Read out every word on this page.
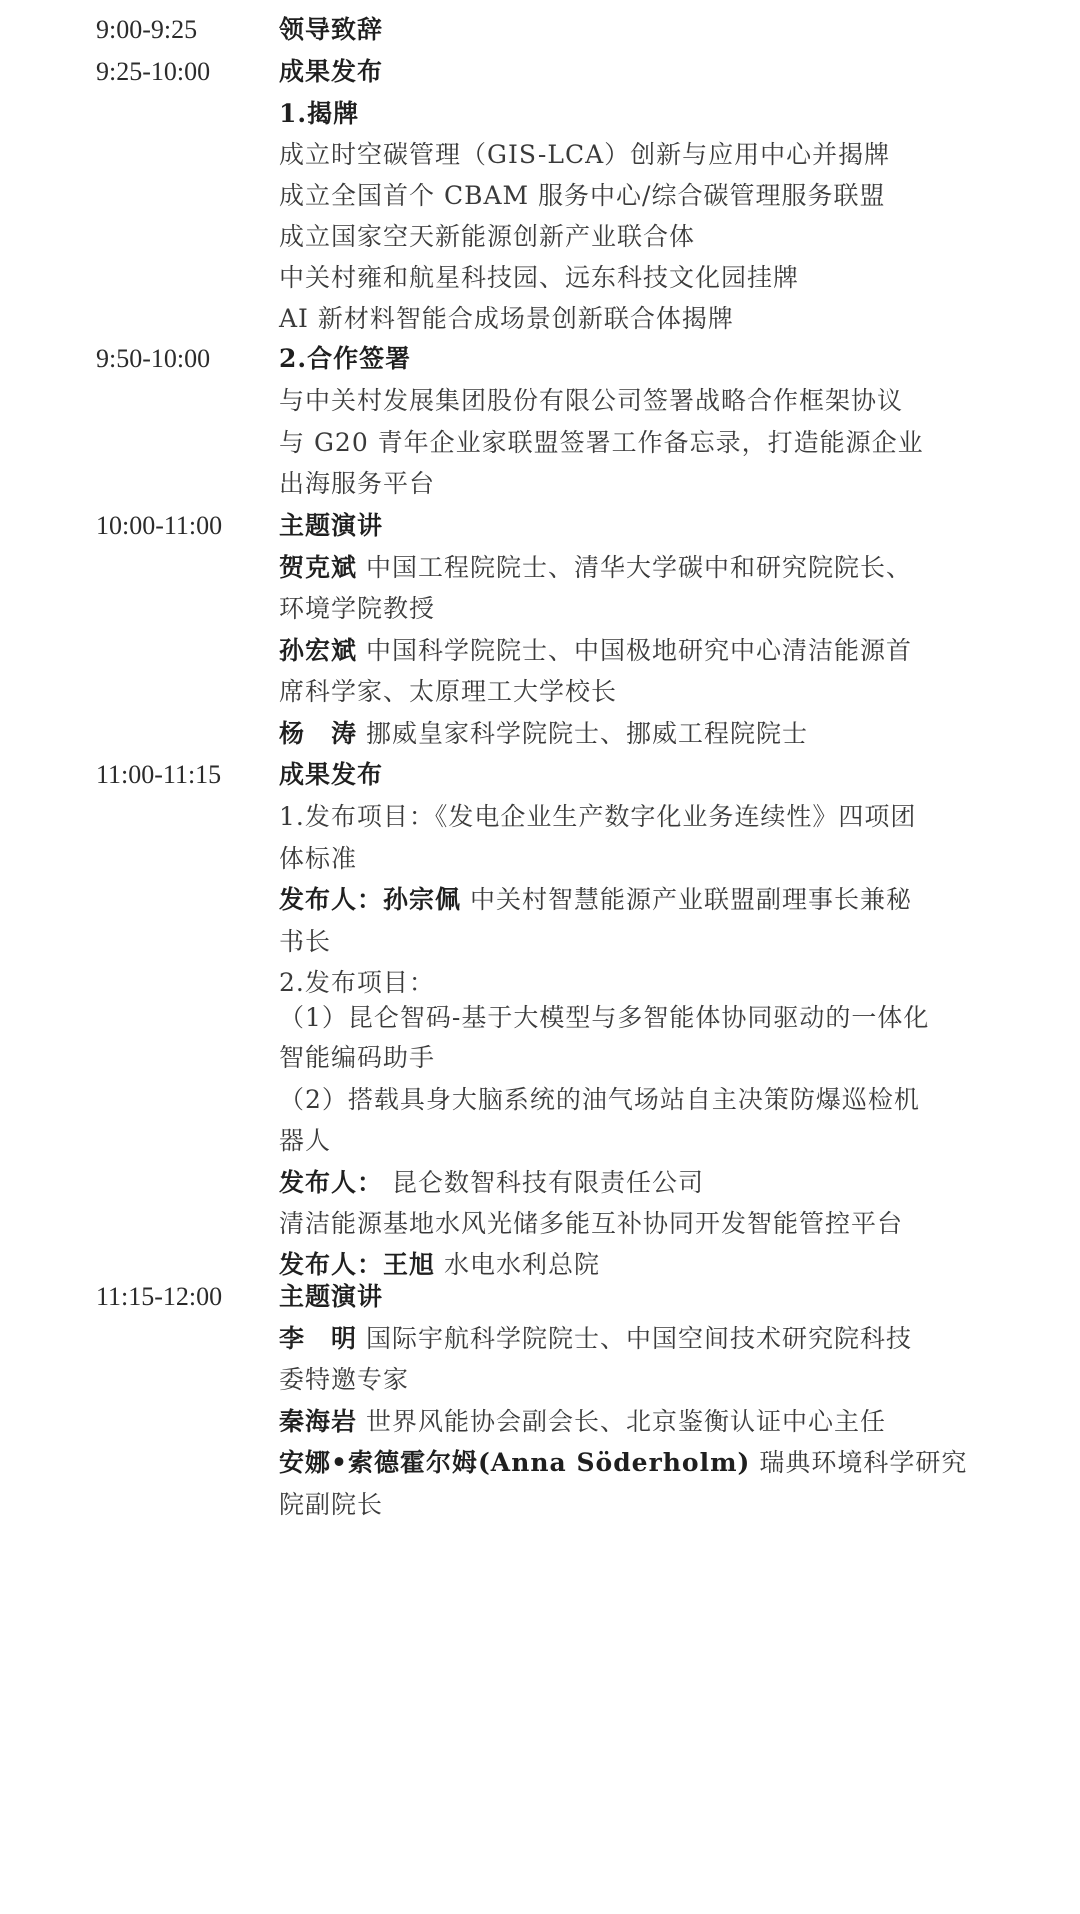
9:00-9:25
9:25-10:00
9:50-10:00
10:00-11:00
11:00-11:15
11:15-12:00
领导致辞
成果发布
1.揭牌
成立时空碳管理（GIS-LCA）创新与应用中心并揭牌
成立全国首个 CBAM 服务中心/综合碳管理服务联盟
成立国家空天新能源创新产业联合体
中关村雍和航星科技园、远东科技文化园挂牌
AI 新材料智能合成场景创新联合体揭牌
2.合作签署
与中关村发展集团股份有限公司签署战略合作框架协议
与 G20 青年企业家联盟签署工作备忘录，打造能源企业
出海服务平台
主题演讲
贺克斌 中国工程院院士、清华大学碳中和研究院院长、
环境学院教授
孙宏斌 中国科学院院士、中国极地研究中心清洁能源首
席科学家、太原理工大学校长
杨　涛 挪威皇家科学院院士、挪威工程院院士
成果发布
1.发布项目：《发电企业生产数字化业务连续性》四项团
体标准
发布人：孙宗佩 中关村智慧能源产业联盟副理事长兼秘
书长
2.发布项目：
（1）昆仑智码-基于大模型与多智能体协同驱动的一体化
智能编码助手
（2）搭载具身大脑系统的油气场站自主决策防爆巡检机
器人
发布人： 昆仑数智科技有限责任公司
清洁能源基地水风光储多能互补协同开发智能管控平台
发布人：王旭 水电水利总院
主题演讲
李　明 国际宇航科学院院士、中国空间技术研究院科技
委特邀专家
秦海岩 世界风能协会副会长、北京鉴衡认证中心主任
安娜•索德霍尔姆(Anna Söderholm) 瑞典环境科学研究
院副院长
